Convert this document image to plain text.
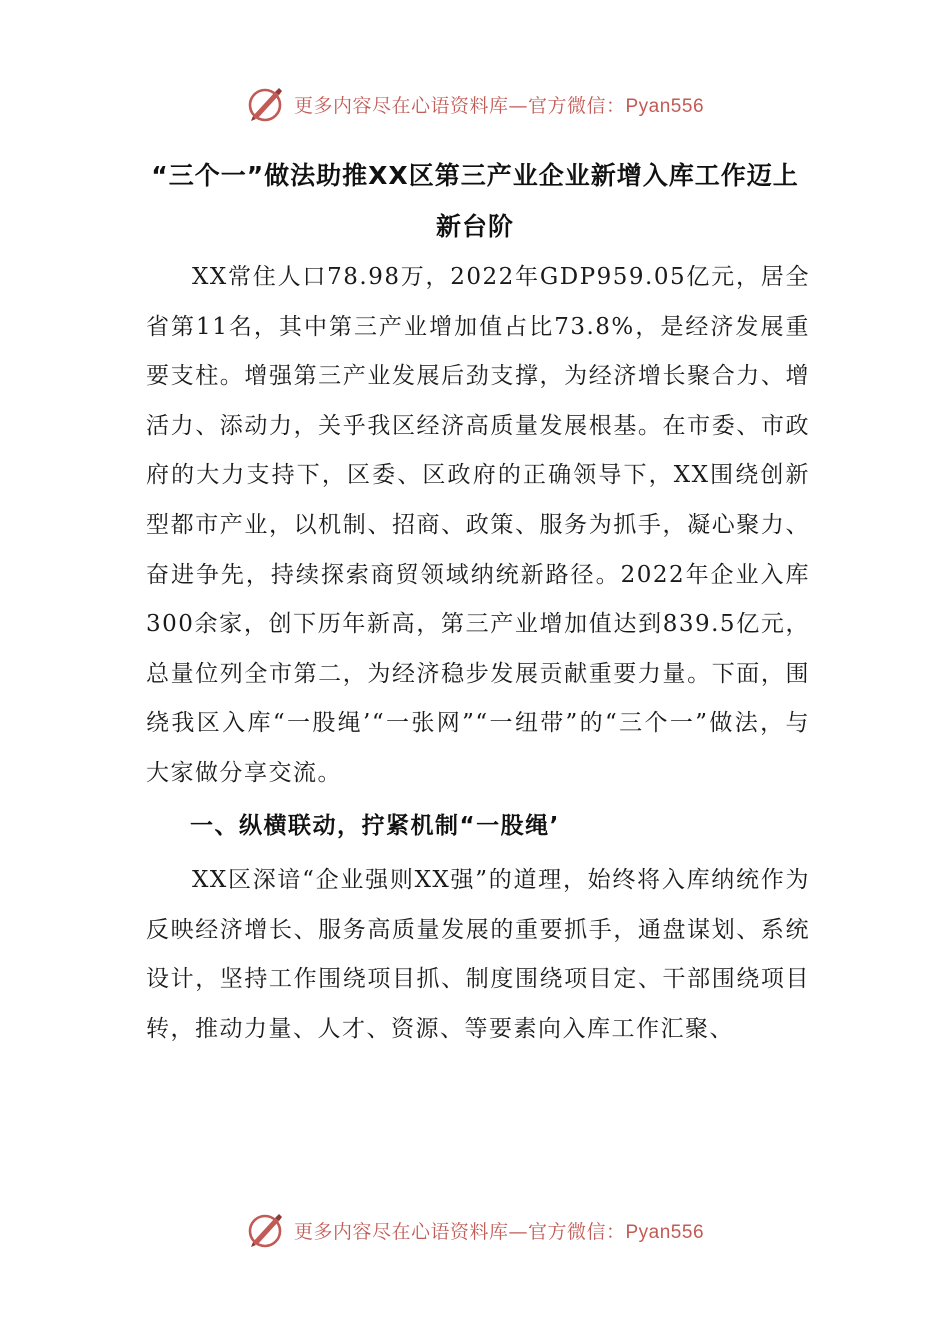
更多内容尽在心语资料库—官方微信：Pyan556
“三个一”做法助推XX区第三产业企业新增入库工作迈上
新台阶

XX常住人口78.98万，2022年GDP959.05亿元，居全省第11名，其中第三产业增加值占比73.8%，是经济发展重要支柱。增强第三产业发展后劲支撑，为经济增长聚合力、增活力、添动力，关乎我区经济高质量发展根基。在市委、市政府的大力支持下，区委、区政府的正确领导下，XX围绕创新型都市产业，以机制、招商、政策、服务为抓手，凝心聚力、奋进争先，持续探索商贸领域纳统新路径。2022年企业入库300余家，创下历年新高，第三产业增加值达到839.5亿元，总量位列全市第二，为经济稳步发展贡献重要力量。下面，围绕我区入库“一股绳’“一张网”“一纽带”的“三个一”做法，与大家做分享交流。

一、纵横联动，拧紧机制“一股绳’

XX区深谙“企业强则XX强”的道理，始终将入库纳统作为反映经济增长、服务高质量发展的重要抓手，通盘谋划、系统设计，坚持工作围绕项目抓、制度围绕项目定、干部围绕项目转，推动力量、人才、资源、等要素向入库工作汇聚、

更多内容尽在心语资料库—官方微信：Pyan556
